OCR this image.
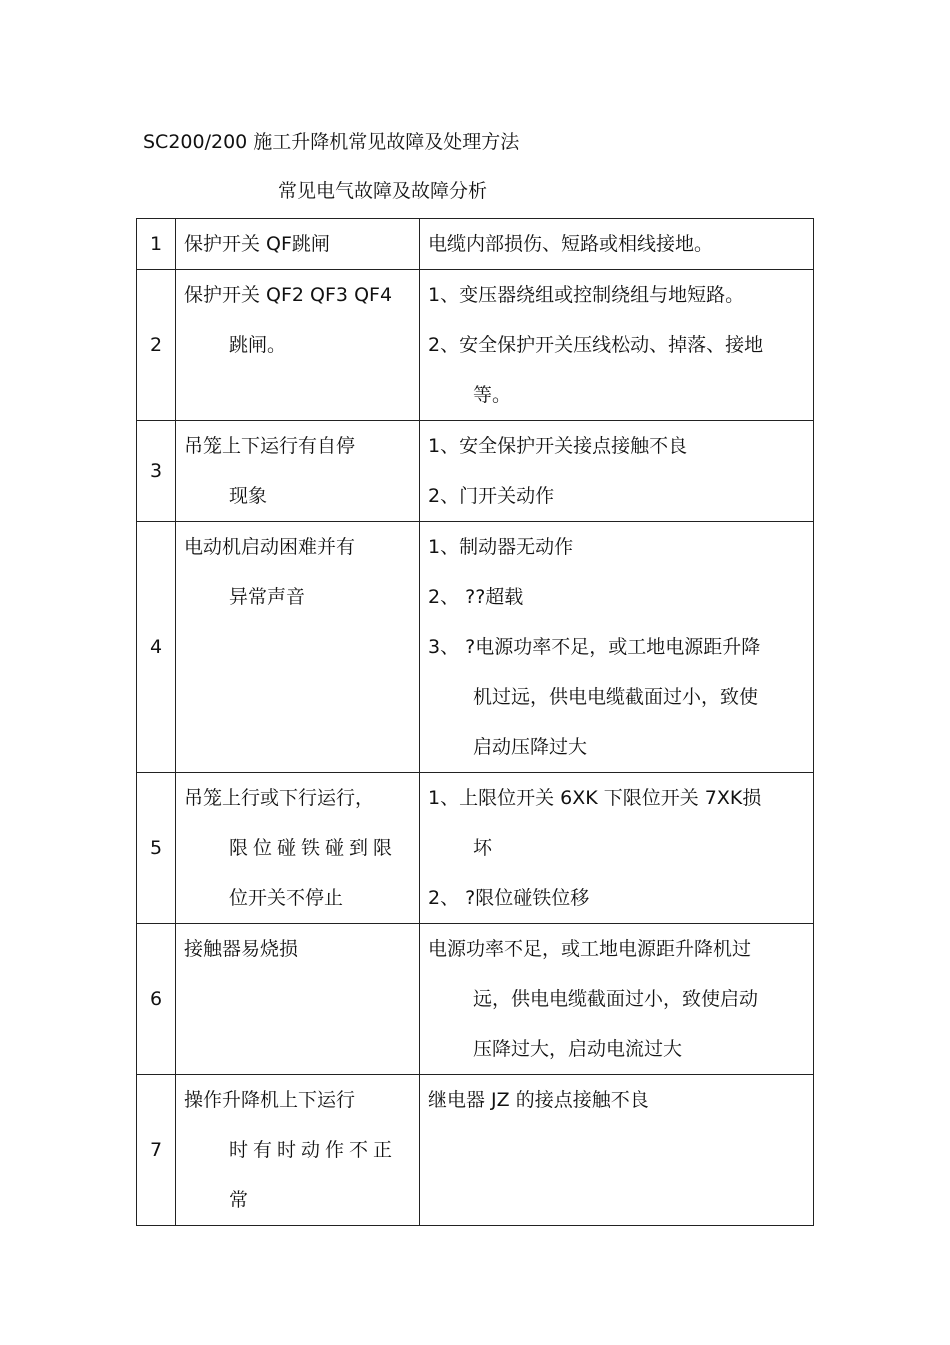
SC200/200 施工升降机常见故障及处理方法
常见电气故障及故障分析
1	保护开关 QF跳闸	电缆内部损伤、短路或相线接地。

2	保护开关 QF2 QF3 QF4
跳闸。	1、变压器绕组或控制绕组与地短路。
2、安全保护开关压线松动、掉落、接地
等。

3	吊笼上下运行有自停
现象	1、安全保护开关接点接触不良
2、门开关动作

4	电动机启动困难并有
异常声音	1、制动器无动作
2、 ??超载
3、 ?电源功率不足，或工地电源距升降
机过远，供电电缆截面过小，致使
启动压降过大

5	吊笼上行或下行运行，
限位碰铁碰到限
位开关不停止	1、上限位开关 6XK 下限位开关 7XK损
坏
2、 ?限位碰铁位移

6	接触器易烧损	电源功率不足，或工地电源距升降机过
远，供电电缆截面过小，致使启动
压降过大，启动电流过大

7	操作升降机上下运行
时有时动作不正
常	继电器 JZ 的接点接触不良
